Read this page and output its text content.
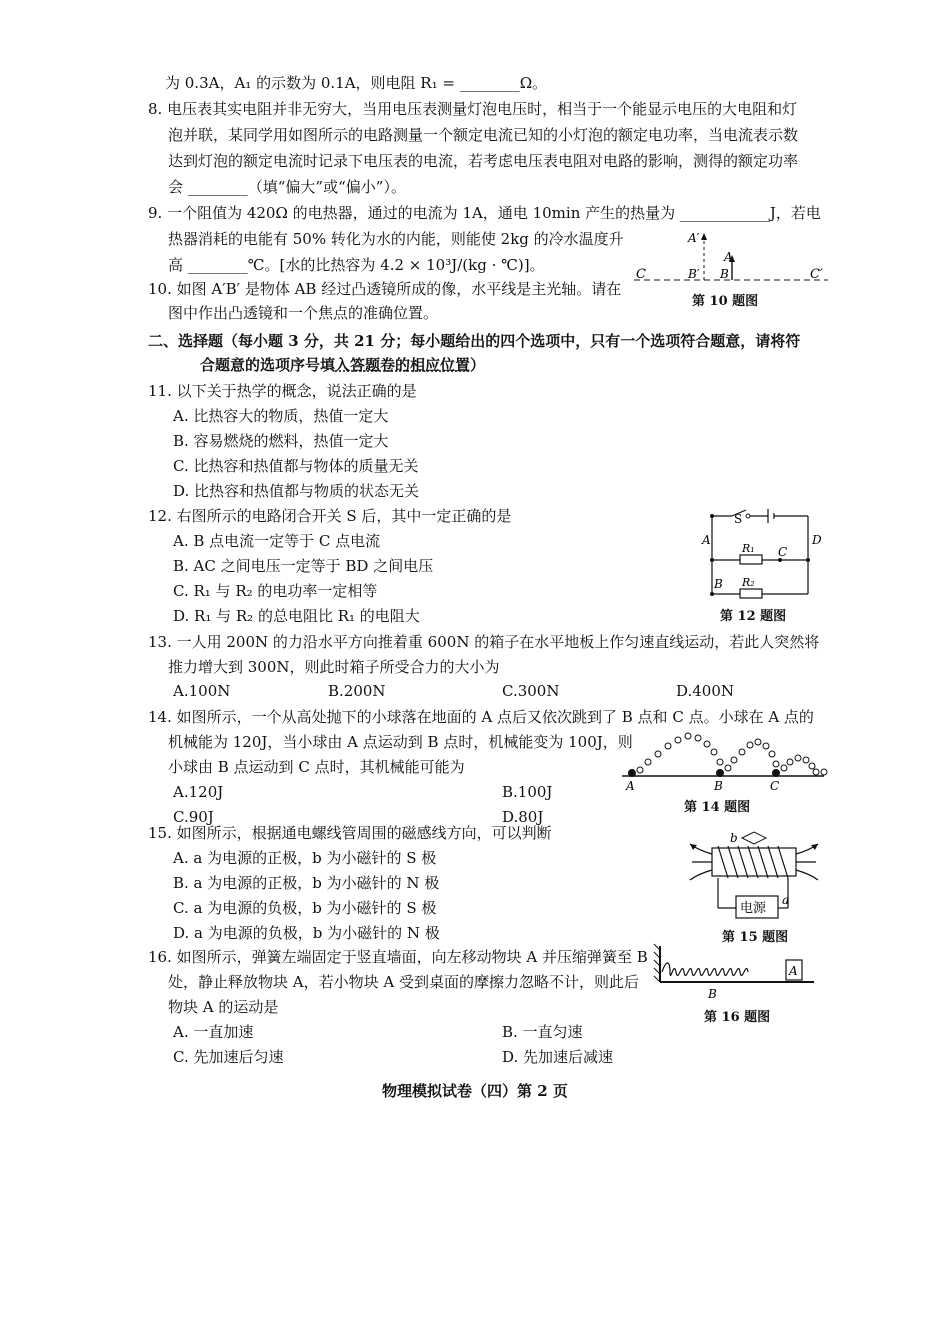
为 0.3A，A₁ 的示数为 0.1A，则电阻 R₁ = ________Ω。
8. 电压表其实电阻并非无穷大，当用电压表测量灯泡电压时，相当于一个能显示电压的大电阻和灯
泡并联，某同学用如图所示的电路测量一个额定电流已知的小灯泡的额定电功率，当电流表示数
达到灯泡的额定电流时记录下电压表的电流，若考虑电压表电阻对电路的影响，测得的额定功率
会 ________（填“偏大”或“偏小”）。
9. 一个阻值为 420Ω 的电热器，通过的电流为 1A，通电 10min 产生的热量为 ____________J，若电
热器消耗的电能有 50% 转化为水的内能，则能使 2kg 的冷水温度升
高 ________℃。[水的比热容为 4.2 × 10³J/(kg · ℃)]。
10. 如图 A′B′ 是物体 AB 经过凸透镜所成的像，水平线是主光轴。请在
图中作出凸透镜和一个焦点的准确位置。
二、选择题（每小题 3 分，共 21 分；每小题给出的四个选项中，只有一个选项符合题意，请将符
合题意的选项序号填入答题卷的相应位置）
11. 以下关于热学的概念，说法正确的是
A. 比热容大的物质，热值一定大
B. 容易燃烧的燃料，热值一定大
C. 比热容和热值都与物体的质量无关
D. 比热容和热值都与物质的状态无关
12. 右图所示的电路闭合开关 S 后，其中一定正确的是
A. B 点电流一定等于 C 点电流
B. AC 之间电压一定等于 BD 之间电压
C. R₁ 与 R₂ 的电功率一定相等
D. R₁ 与 R₂ 的总电阻比 R₁ 的电阻大
13. 一人用 200N 的力沿水平方向推着重 600N 的箱子在水平地板上作匀速直线运动，若此人突然将
推力增大到 300N，则此时箱子所受合力的大小为
A.100N	B.200N	C.300N	D.400N
14. 如图所示，一个从高处抛下的小球落在地面的 A 点后又依次跳到了 B 点和 C 点。小球在 A 点的
机械能为 120J，当小球由 A 点运动到 B 点时，机械能变为 100J，则
小球由 B 点运动到 C 点时，其机械能可能为
A.120J	B.100J
C.90J	D.80J
15. 如图所示，根据通电螺线管周围的磁感线方向，可以判断
A. a 为电源的正极，b 为小磁针的 S 极
B. a 为电源的正极，b 为小磁针的 N 极
C. a 为电源的负极，b 为小磁针的 S 极
D. a 为电源的负极，b 为小磁针的 N 极
16. 如图所示，弹簧左端固定于竖直墙面，向左移动物块 A 并压缩弹簧至 B
处，静止释放物块 A，若小物块 A 受到桌面的摩擦力忽略不计，则此后
物块 A 的运动是
A. 一直加速	B. 一直匀速
C. 先加速后匀速	D. 先加速后减速
A′
A
C	B′ B	C′
第 10 题图
S
A	D
R₁ C
B R₂
第 12 题图
A	B	C
第 14 题图
b
电源
a
第 15 题图
A
B
第 16 题图
物理模拟试卷（四）第 2 页
